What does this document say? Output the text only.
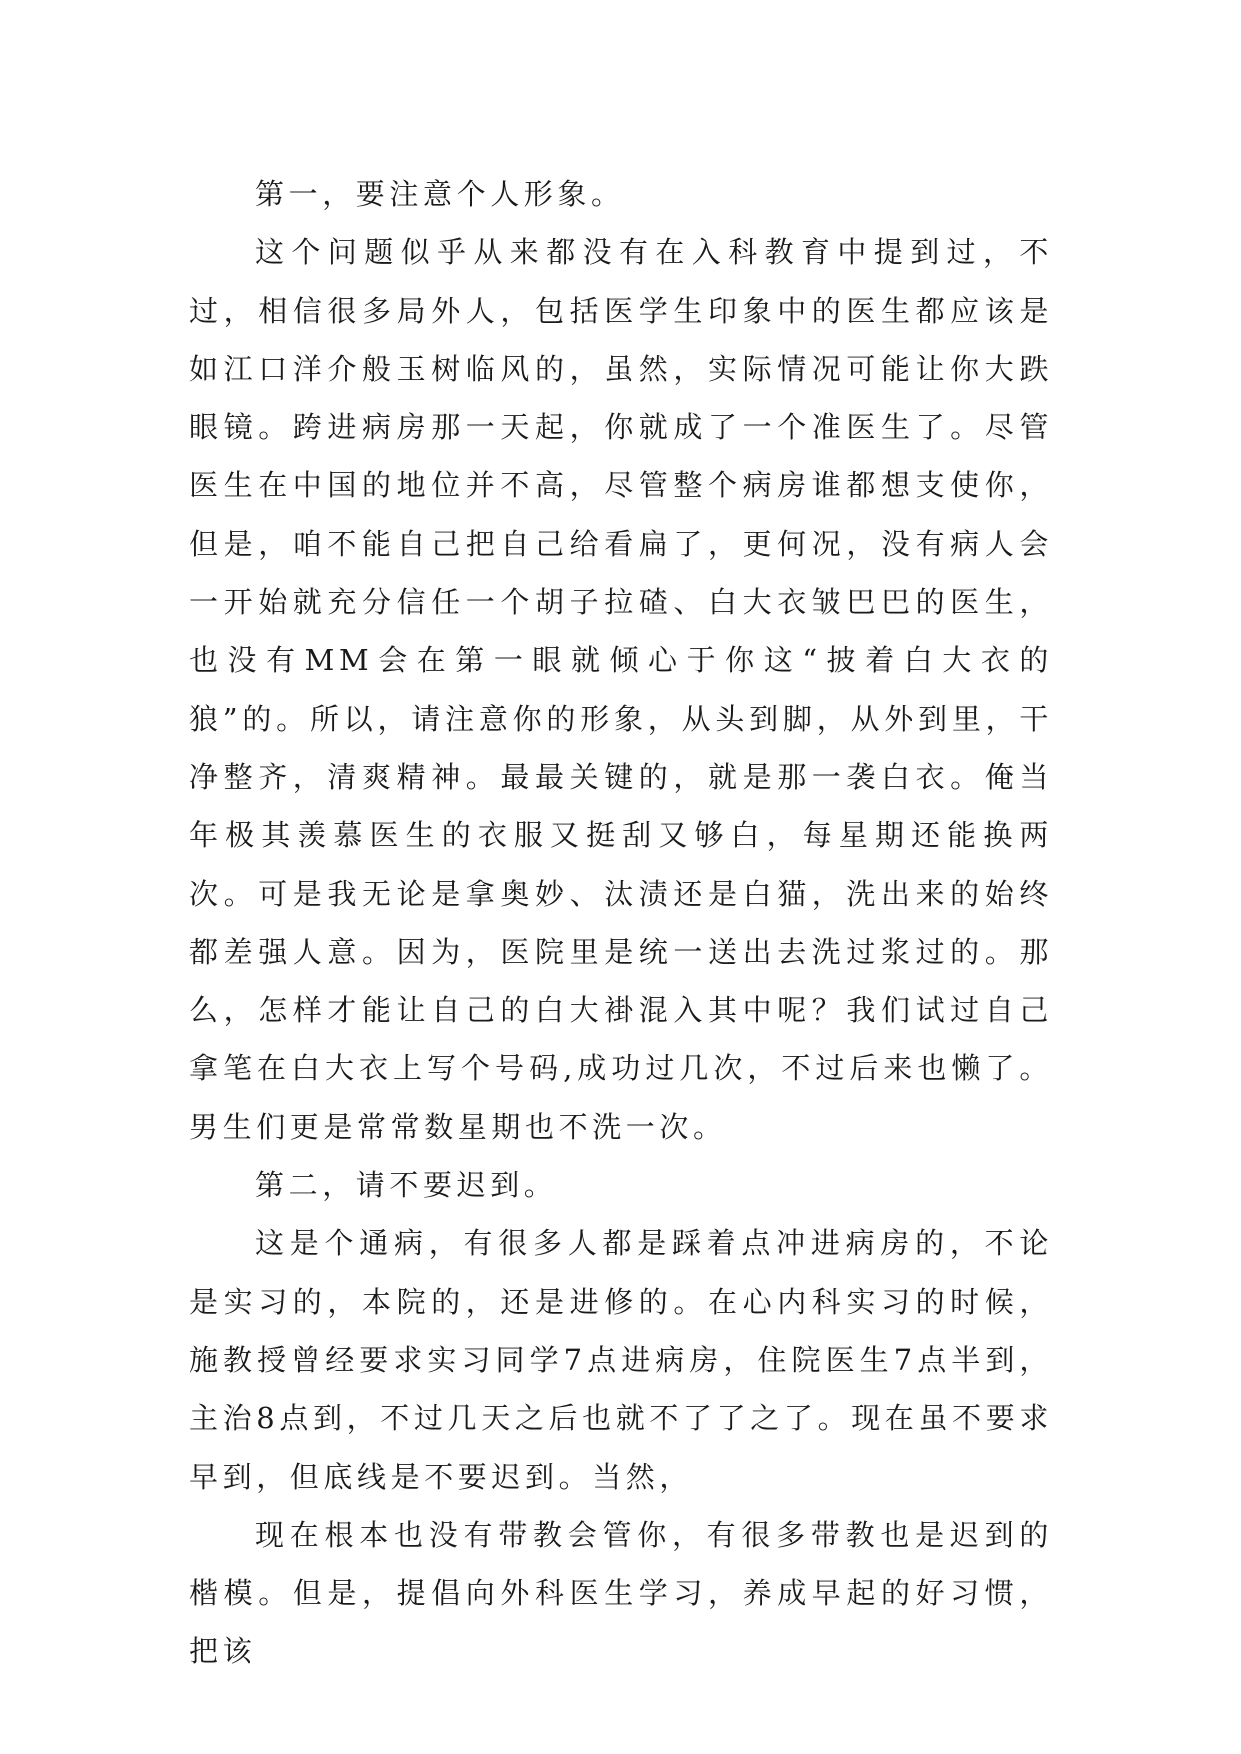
第一，要注意个人形象。

这个问题似乎从来都没有在入科教育中提到过，不过，相信很多局外人，包括医学生印象中的医生都应该是如江口洋介般玉树临风的，虽然，实际情况可能让你大跌眼镜。跨进病房那一天起，你就成了一个准医生了。尽管医生在中国的地位并不高，尽管整个病房谁都想支使你，但是，咱不能自己把自己给看扁了，更何况，没有病人会一开始就充分信任一个胡子拉碴、白大衣皱巴巴的医生，也没有MM会在第一眼就倾心于你这“披着白大衣的狼”的。所以，请注意你的形象，从头到脚，从外到里，干净整齐，清爽精神。最最关键的，就是那一袭白衣。俺当年极其羡慕医生的衣服又挺刮又够白，每星期还能换两次。可是我无论是拿奥妙、汰渍还是白猫，洗出来的始终都差强人意。因为，医院里是统一送出去洗过浆过的。那么，怎样才能让自己的白大褂混入其中呢？我们试过自己拿笔在白大衣上写个号码,成功过几次，不过后来也懒了。男生们更是常常数星期也不洗一次。

第二，请不要迟到。

这是个通病，有很多人都是踩着点冲进病房的，不论是实习的，本院的，还是进修的。在心内科实习的时候，施教授曾经要求实习同学7点进病房，住院医生7点半到，主治8点到，不过几天之后也就不了了之了。现在虽不要求早到，但底线是不要迟到。当然，

现在根本也没有带教会管你，有很多带教也是迟到的楷模。但是，提倡向外科医生学习，养成早起的好习惯，把该
